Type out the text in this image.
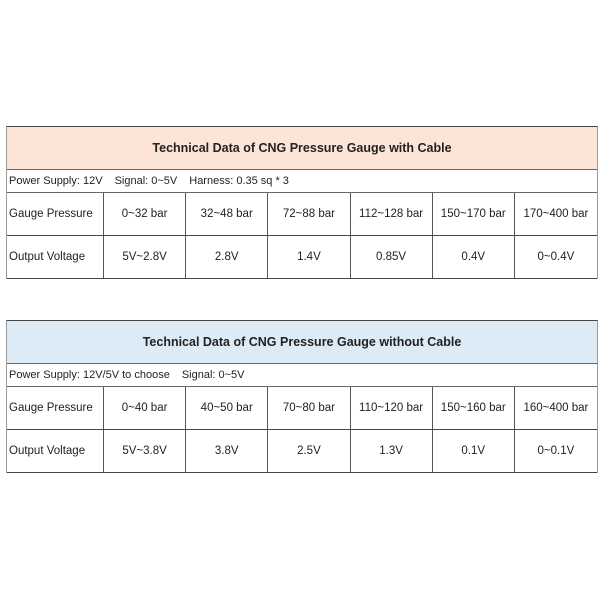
Technical Data of CNG Pressure Gauge with Cable
Power Supply: 12V Signal: 0~5V Harness: 0.35 sq * 3
Gauge Pressure	0~32 bar	32~48 bar	72~88 bar	112~128 bar	150~170 bar	170~400 bar
Output Voltage	5V~2.8V	2.8V	1.4V	0.85V	0.4V	0~0.4V
Technical Data of CNG Pressure Gauge without Cable
Power Supply: 12V/5V to choose Signal: 0~5V
Gauge Pressure	0~40 bar	40~50 bar	70~80 bar	110~120 bar	150~160 bar	160~400 bar
Output Voltage	5V~3.8V	3.8V	2.5V	1.3V	0.1V	0~0.1V
